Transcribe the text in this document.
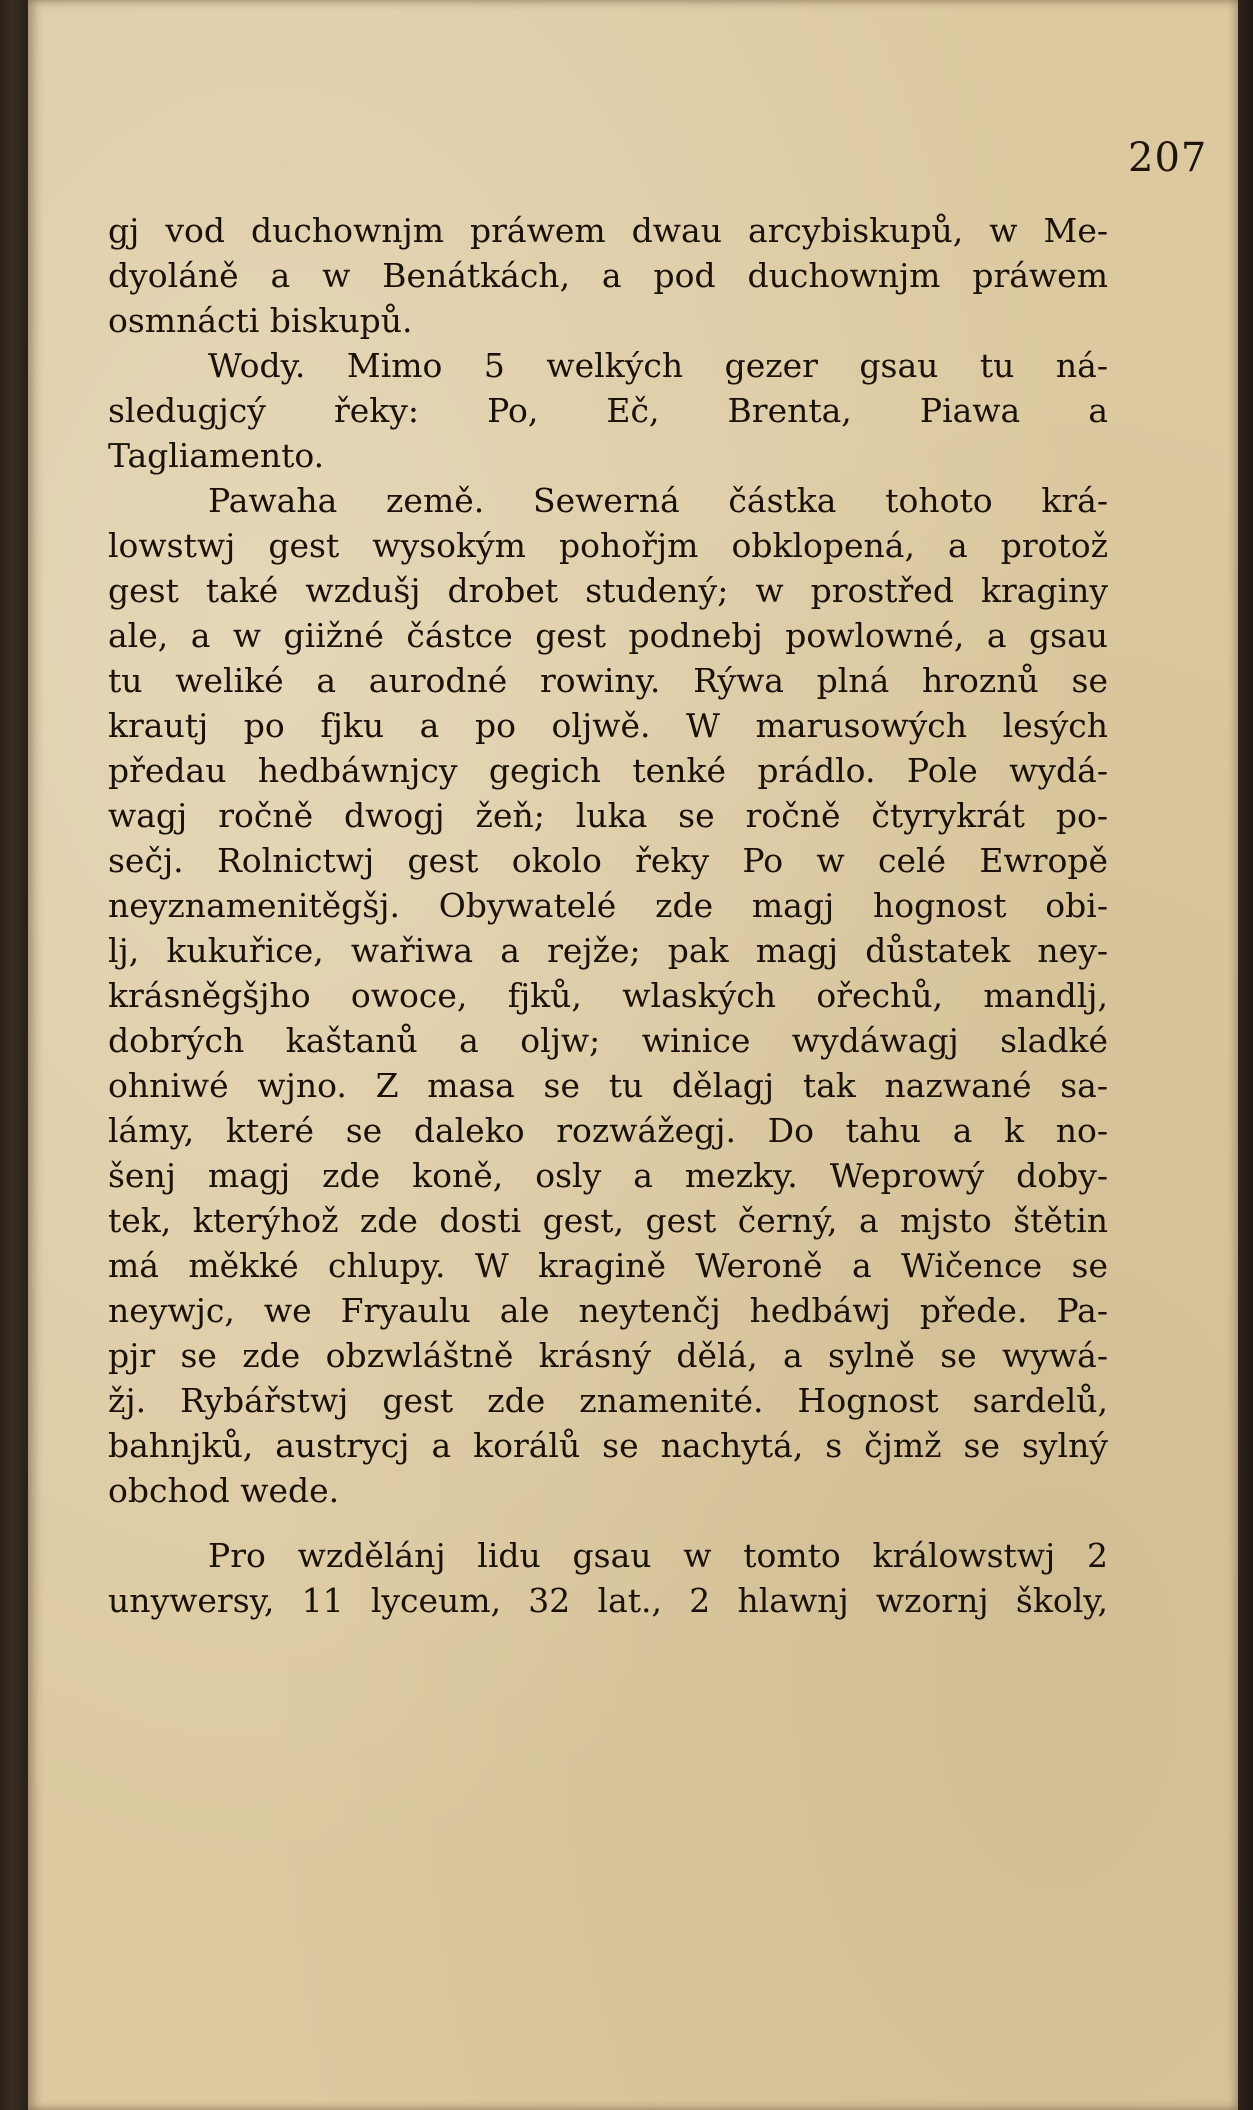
207
gj vod duchownjm práwem dwau arcybiskupů, w Me-
dyoláně a w Benátkách, a pod duchownjm práwem
osmnácti biskupů.
Wody. Mimo 5 welkých gezer gsau tu ná-
sledugjcý řeky: Po, Eč, Brenta, Piawa a
Tagliamento.
Pawaha země. Sewerná částka tohoto krá-
lowstwj gest wysokým pohořjm obklopená, a protož
gest také wzdušj drobet studený; w prostřed kraginy
ale, a w giižné částce gest podnebj powlowné, a gsau
tu weliké a aurodné rowiny. Rýwa plná hroznů se
krautj po fjku a po oljwě. W marusowých lesých
předau hedbáwnjcy gegich tenké prádlo. Pole wydá-
wagj ročně dwogj žeň; luka se ročně čtyrykrát po-
sečj. Rolnictwj gest okolo řeky Po w celé Ewropě
neyznamenitěgšj. Obywatelé zde magj hognost obi-
lj, kukuřice, wařiwa a rejže; pak magj důstatek ney-
krásněgšjho owoce, fjků, wlaských ořechů, mandlj,
dobrých kaštanů a oljw; winice wydáwagj sladké
ohniwé wjno. Z masa se tu dělagj tak nazwané sa-
lámy, které se daleko rozwážegj. Do tahu a k no-
šenj magj zde koně, osly a mezky. Weprowý doby-
tek, kterýhož zde dosti gest, gest černý, a mjsto štětin
má měkké chlupy. W kragině Weroně a Wičence se
neywjc, we Fryaulu ale neytenčj hedbáwj přede. Pa-
pjr se zde obzwláštně krásný dělá, a sylně se wywá-
žj. Rybářstwj gest zde znamenité. Hognost sardelů,
bahnjků, austrycj a korálů se nachytá, s čjmž se sylný
obchod wede.
Pro wzdělánj lidu gsau w tomto králowstwj 2
unywersy, 11 lyceum, 32 lat., 2 hlawnj wzornj školy,
